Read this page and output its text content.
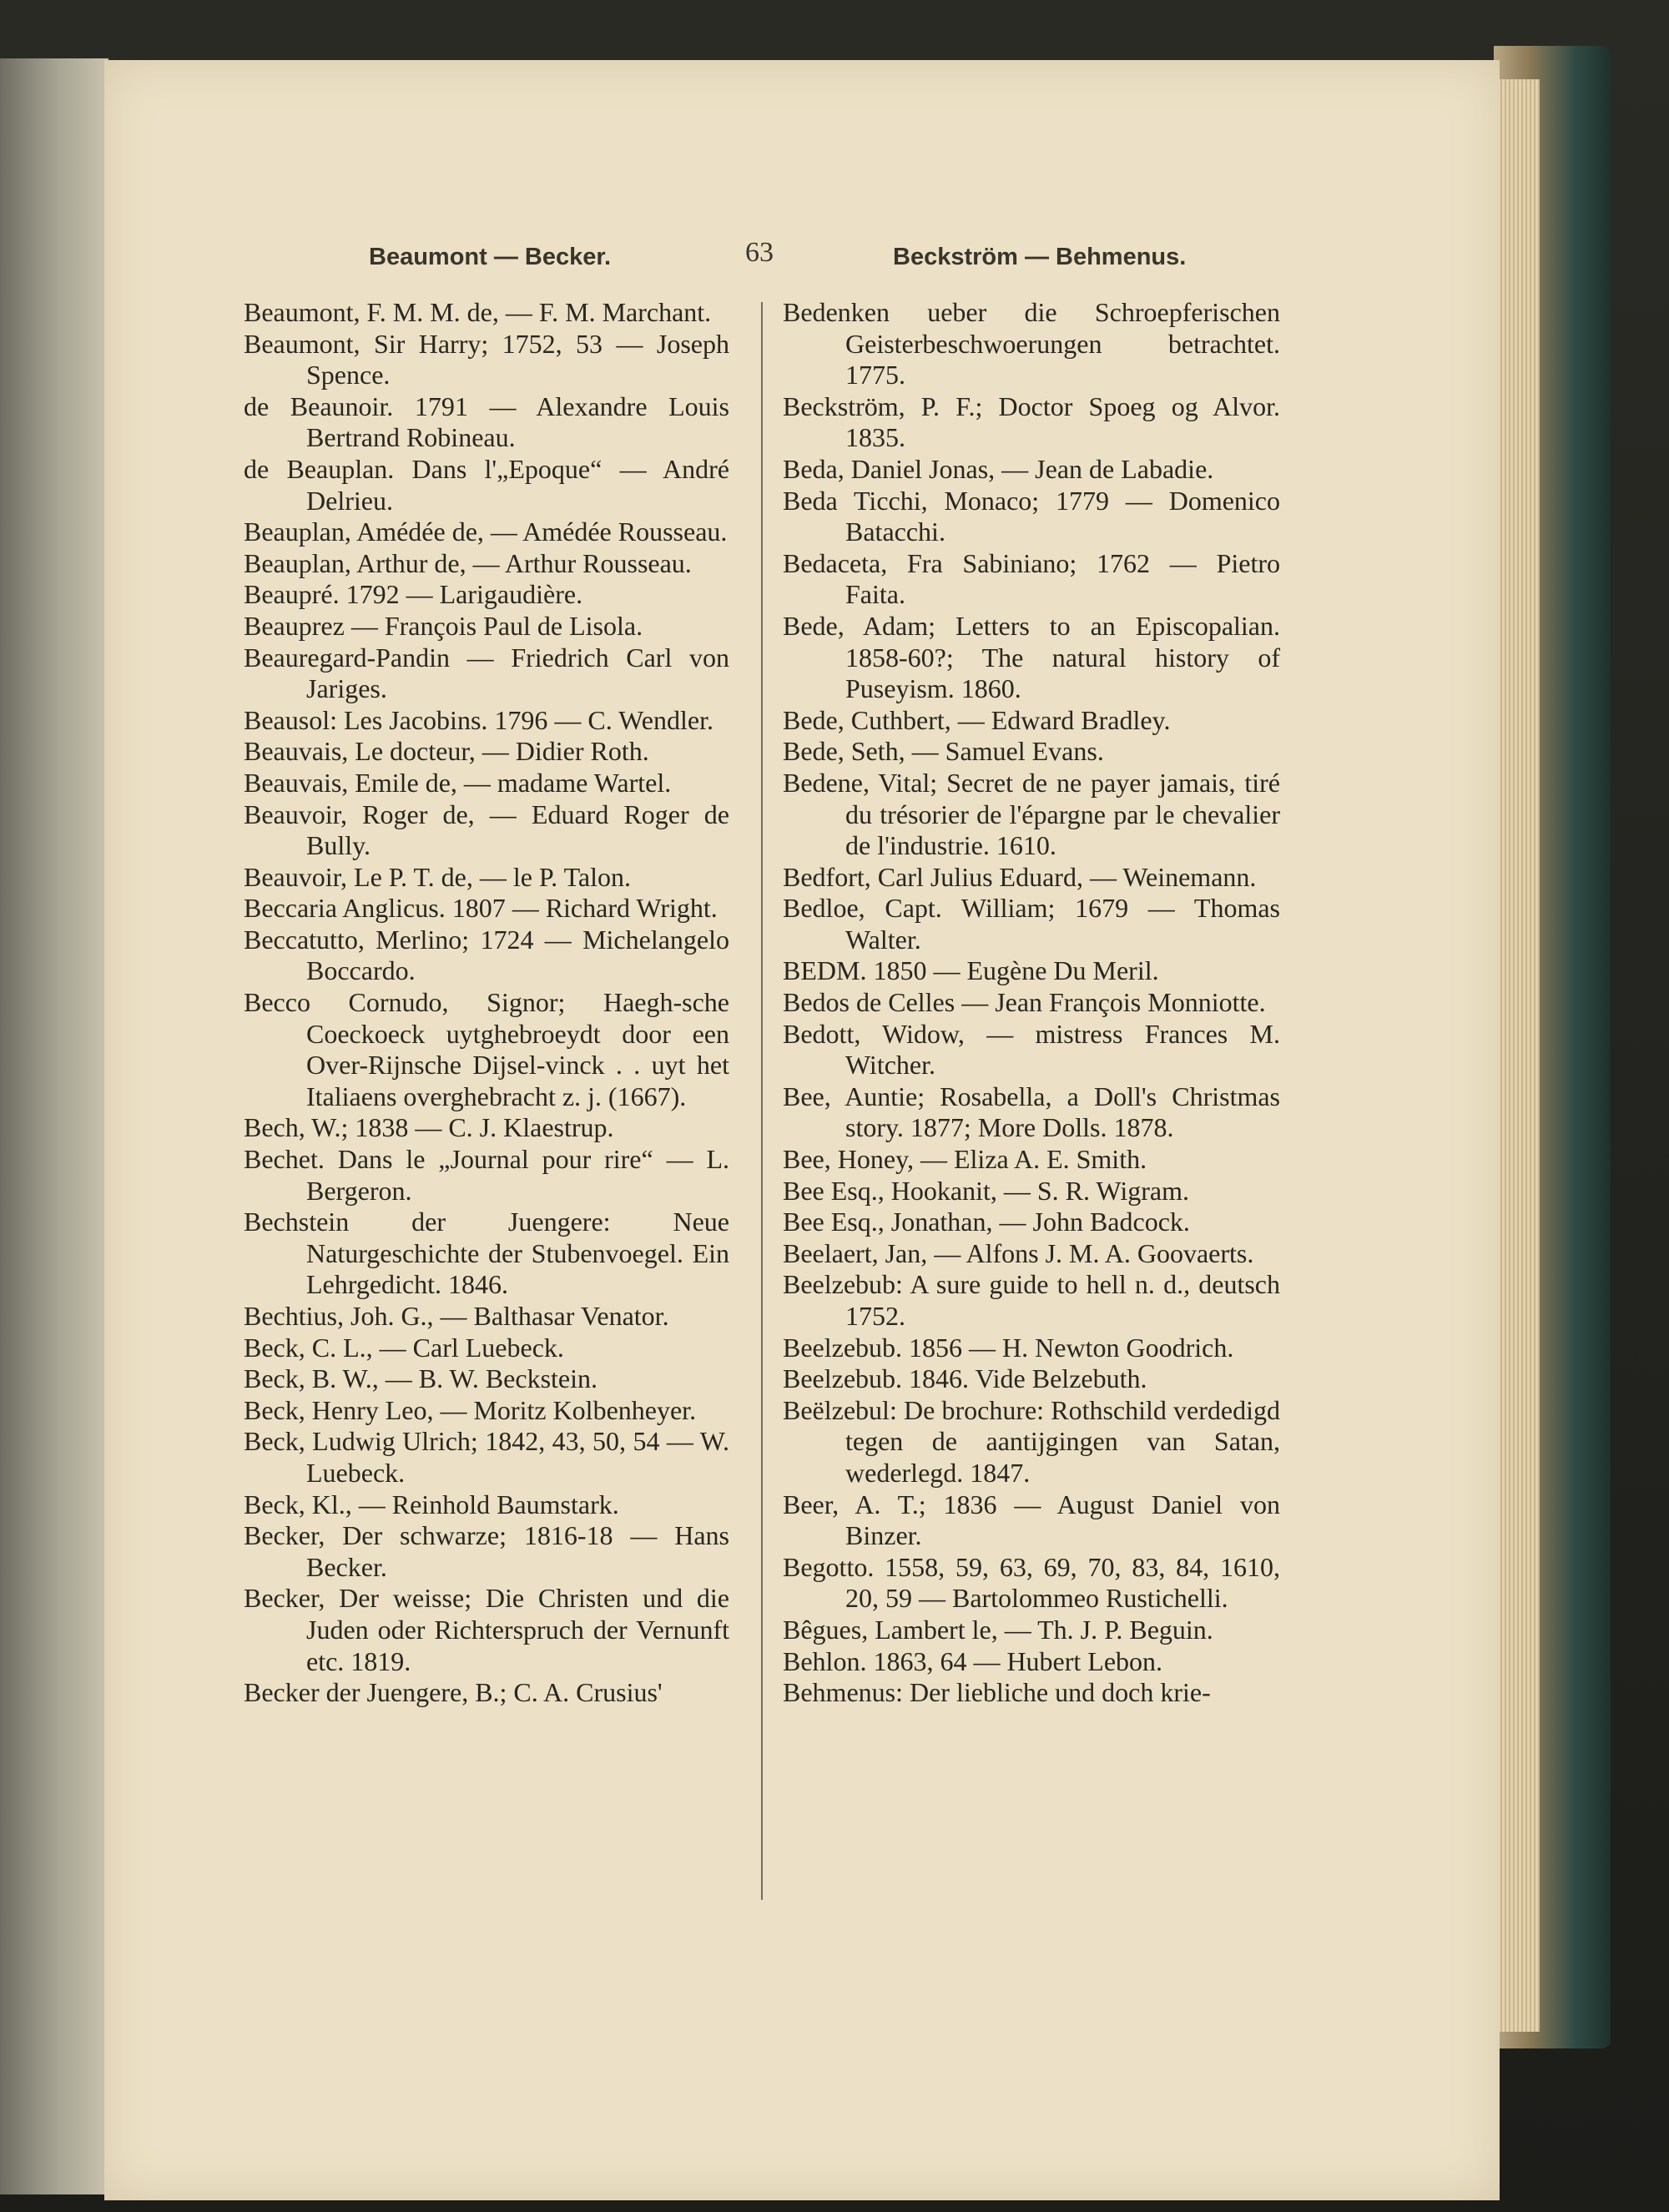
Beaumont — Becker.	63	Beckström — Behmenus.

Beaumont, F. M. M. de, — F. M. Marchant.

Beaumont, Sir Harry; 1752, 53 — Joseph Spence.

de Beaunoir. 1791 — Alexandre Louis Bertrand Robineau.

de Beauplan. Dans l'„Epoque“ — André Delrieu.

Beauplan, Amédée de, — Amédée Rousseau.

Beauplan, Arthur de, — Arthur Rousseau.

Beaupré. 1792 — Larigaudière.

Beauprez — François Paul de Lisola.

Beauregard-Pandin — Friedrich Carl von Jariges.

Beausol: Les Jacobins. 1796 — C. Wendler.

Beauvais, Le docteur, — Didier Roth.

Beauvais, Emile de, — madame Wartel.

Beauvoir, Roger de, — Eduard Roger de Bully.

Beauvoir, Le P. T. de, — le P. Talon.

Beccaria Anglicus. 1807 — Richard Wright.

Beccatutto, Merlino; 1724 — Michelangelo Boccardo.

Becco Cornudo, Signor; Haegh-sche Coeckoeck uytghebroeydt door een Over-Rijnsche Dijsel-vinck . . uyt het Italiaens overghebracht z. j. (1667).

Bech, W.; 1838 — C. J. Klaestrup.

Bechet. Dans le „Journal pour rire“ — L. Bergeron.

Bechstein der Juengere: Neue Naturgeschichte der Stubenvoegel. Ein Lehrgedicht. 1846.

Bechtius, Joh. G., — Balthasar Venator.

Beck, C. L., — Carl Luebeck.

Beck, B. W., — B. W. Beckstein.

Beck, Henry Leo, — Moritz Kolbenheyer.

Beck, Ludwig Ulrich; 1842, 43, 50, 54 — W. Luebeck.

Beck, Kl., — Reinhold Baumstark.

Becker, Der schwarze; 1816-18 — Hans Becker.

Becker, Der weisse; Die Christen und die Juden oder Richterspruch der Vernunft etc. 1819.

Becker der Juengere, B.; C. A. Crusius'

Bedenken ueber die Schroepferischen Geisterbeschwoerungen betrachtet. 1775.

Beckström, P. F.; Doctor Spoeg og Alvor. 1835.

Beda, Daniel Jonas, — Jean de Labadie.

Beda Ticchi, Monaco; 1779 — Domenico Batacchi.

Bedaceta, Fra Sabiniano; 1762 — Pietro Faita.

Bede, Adam; Letters to an Episcopalian. 1858-60?; The natural history of Puseyism. 1860.

Bede, Cuthbert, — Edward Bradley.

Bede, Seth, — Samuel Evans.

Bedene, Vital; Secret de ne payer jamais, tiré du trésorier de l'épargne par le chevalier de l'industrie. 1610.

Bedfort, Carl Julius Eduard, — Weinemann.

Bedloe, Capt. William; 1679 — Thomas Walter.

BEDM. 1850 — Eugène Du Meril.

Bedos de Celles — Jean François Monniotte.

Bedott, Widow, — mistress Frances M. Witcher.

Bee, Auntie; Rosabella, a Doll's Christmas story. 1877; More Dolls. 1878.

Bee, Honey, — Eliza A. E. Smith.

Bee Esq., Hookanit, — S. R. Wigram.

Bee Esq., Jonathan, — John Badcock.

Beelaert, Jan, — Alfons J. M. A. Goovaerts.

Beelzebub: A sure guide to hell n. d., deutsch 1752.

Beelzebub. 1856 — H. Newton Goodrich.

Beelzebub. 1846. Vide Belzebuth.

Beëlzebul: De brochure: Rothschild verdedigd tegen de aantijgingen van Satan, wederlegd. 1847.

Beer, A. T.; 1836 — August Daniel von Binzer.

Begotto. 1558, 59, 63, 69, 70, 83, 84, 1610, 20, 59 — Bartolommeo Rustichelli.

Bêgues, Lambert le, — Th. J. P. Beguin.

Behlon. 1863, 64 — Hubert Lebon.

Behmenus: Der liebliche und doch krie-
